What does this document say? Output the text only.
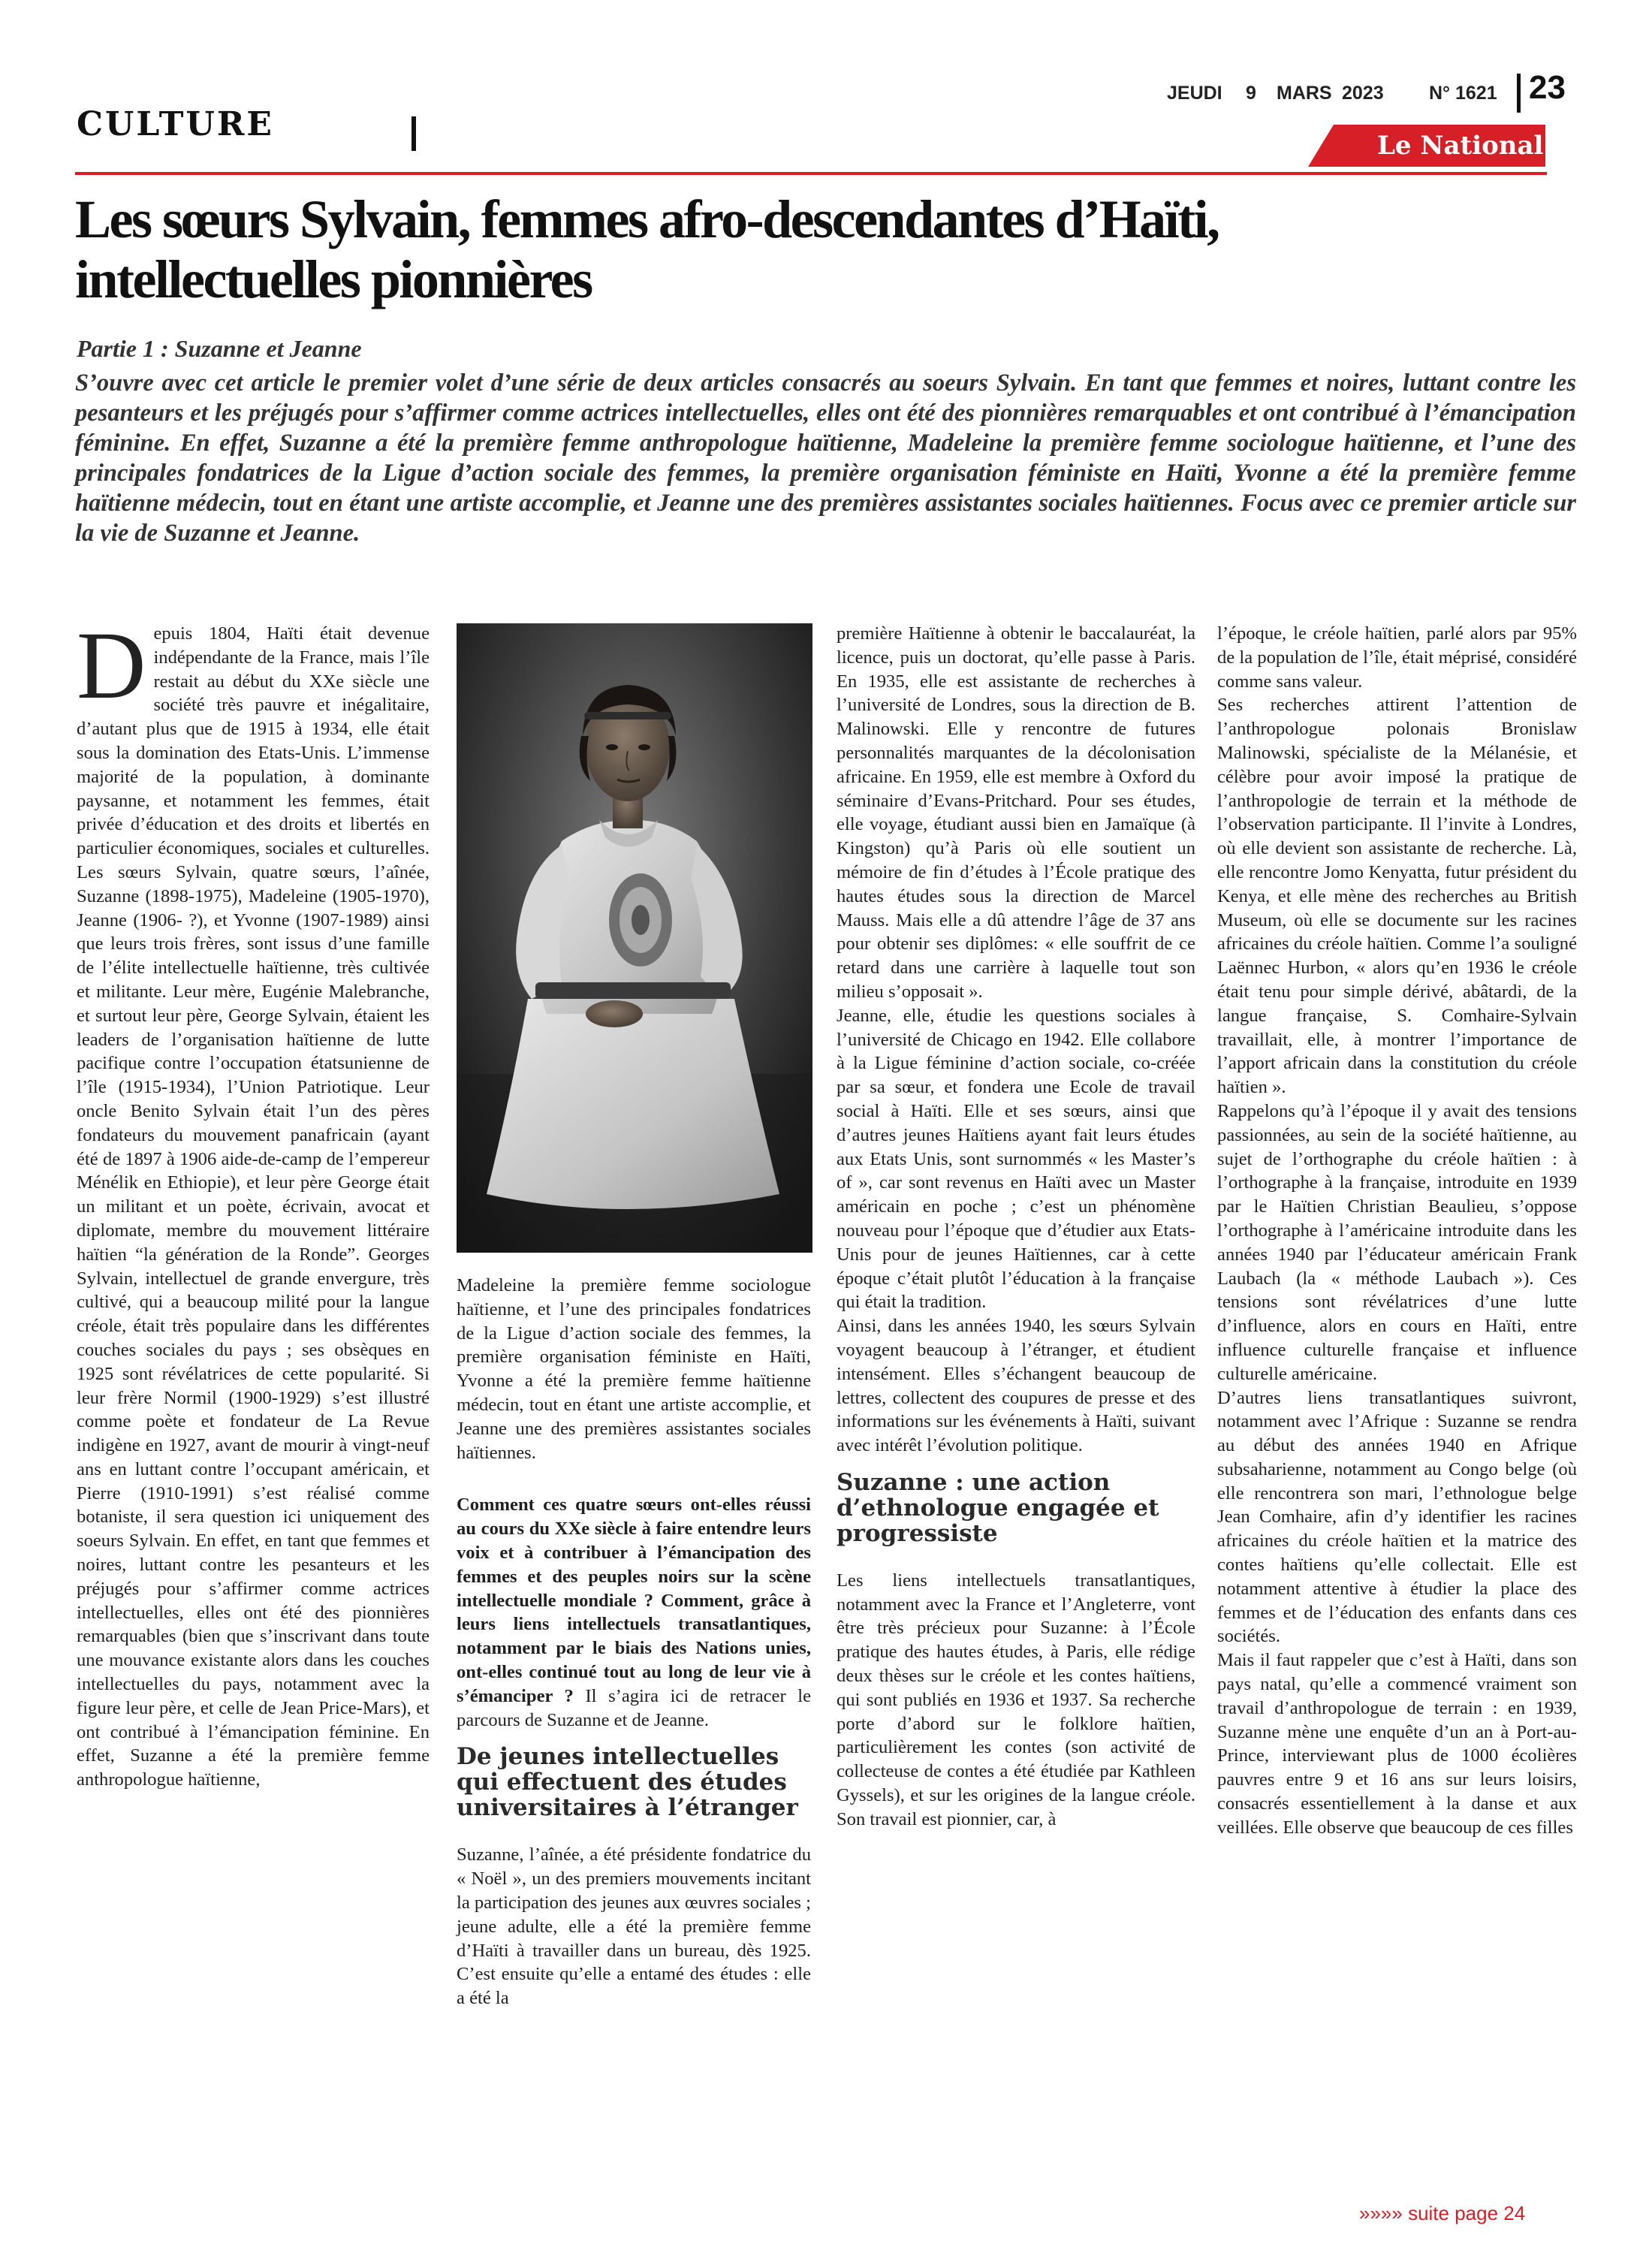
CULTURE
JEUDI 9 MARS 2023 N° 1621 23
Le National
Les sœurs Sylvain, femmes afro-descendantes d’Haïti,
intellectuelles pionnières
Partie 1 : Suzanne et Jeanne
S’ouvre avec cet article le premier volet d’une série de deux articles consacrés au soeurs Sylvain. En tant que femmes et noires, luttant contre les pesanteurs et les préjugés pour s’affirmer comme actrices intellectuelles, elles ont été des pionnières remarquables et ont contribué à l’émancipation féminine. En effet, Suzanne a été la première femme anthropologue haïtienne, Madeleine la première femme sociologue haïtienne, et l’une des principales fondatrices de la Ligue d’action sociale des femmes, la première organisation féministe en Haïti, Yvonne a été la première femme haïtienne médecin, tout en étant une artiste accomplie, et Jeanne une des premières assistantes sociales haïtiennes. Focus avec ce premier article sur la vie de Suzanne et Jeanne.
D epuis 1804, Haïti était devenue indépendante de la France, mais l’île restait au début du XXe siècle une société très pauvre et inégalitaire, d’autant plus que de 1915 à 1934, elle était sous la domination des Etats-Unis. L’immense majorité de la population, à dominante paysanne, et notamment les femmes, était privée d’éducation et des droits et libertés en particulier économiques, sociales et culturelles. Les sœurs Sylvain, quatre sœurs, l’aînée, Suzanne (1898-1975), Madeleine (1905-1970), Jeanne (1906- ?), et Yvonne (1907-1989) ainsi que leurs trois frères, sont issus d’une famille de l’élite intellectuelle haïtienne, très cultivée et militante. Leur mère, Eugénie Malebranche, et surtout leur père, George Sylvain, étaient les leaders de l’organisation haïtienne de lutte pacifique contre l’occupation étatsunienne de l’île (1915-1934), l’Union Patriotique. Leur oncle Benito Sylvain était l’un des pères fondateurs du mouvement panafricain (ayant été de 1897 à 1906 aide-de-camp de l’empereur Ménélik en Ethiopie), et leur père George était un militant et un poète, écrivain, avocat et diplomate, membre du mouvement littéraire haïtien “la génération de la Ronde”. Georges Sylvain, intellectuel de grande envergure, très cultivé, qui a beaucoup milité pour la langue créole, était très populaire dans les différentes couches sociales du pays ; ses obsèques en 1925 sont révélatrices de cette popularité. Si leur frère Normil (1900-1929) s’est illustré comme poète et fondateur de La Revue indigène en 1927, avant de mourir à vingt-neuf ans en luttant contre l’occupant américain, et Pierre (1910-1991) s’est réalisé comme botaniste, il sera question ici uniquement des soeurs Sylvain. En effet, en tant que femmes et noires, luttant contre les pesanteurs et les préjugés pour s’affirmer comme actrices intellectuelles, elles ont été des pionnières remarquables (bien que s’inscrivant dans toute une mouvance existante alors dans les couches intellectuelles du pays, notamment avec la figure leur père, et celle de Jean Price-Mars), et ont contribué à l’émancipation féminine. En effet, Suzanne a été la première femme anthropologue haïtienne,

Madeleine la première femme sociologue haïtienne, et l’une des principales fondatrices de la Ligue d’action sociale des femmes, la première organisation féministe en Haïti, Yvonne a été la première femme haïtienne médecin, tout en étant une artiste accomplie, et Jeanne une des premières assistantes sociales haïtiennes.

Comment ces quatre sœurs ont-elles réussi au cours du XXe siècle à faire entendre leurs voix et à contribuer à l’émancipation des femmes et des peuples noirs sur la scène intellectuelle mondiale ? Comment, grâce à leurs liens intellectuels transatlantiques, notamment par le biais des Nations unies, ont-elles continué tout au long de leur vie à s’émanciper ? Il s’agira ici de retracer le parcours de Suzanne et de Jeanne.

De jeunes intellectuelles qui effectuent des études universitaires à l’étranger

Suzanne, l’aînée, a été présidente fondatrice du « Noël », un des premiers mouvements incitant la participation des jeunes aux œuvres sociales ; jeune adulte, elle a été la première femme d’Haïti à travailler dans un bureau, dès 1925. C’est ensuite qu’elle a entamé des études : elle a été la

première Haïtienne à obtenir le baccalauréat, la licence, puis un doctorat, qu’elle passe à Paris. En 1935, elle est assistante de recherches à l’université de Londres, sous la direction de B. Malinowski. Elle y rencontre de futures personnalités marquantes de la décolonisation africaine. En 1959, elle est membre à Oxford du séminaire d’Evans-Pritchard. Pour ses études, elle voyage, étudiant aussi bien en Jamaïque (à Kingston) qu’à Paris où elle soutient un mémoire de fin d’études à l’École pratique des hautes études sous la direction de Marcel Mauss. Mais elle a dû attendre l’âge de 37 ans pour obtenir ses diplômes: « elle souffrit de ce retard dans une carrière à laquelle tout son milieu s’opposait ».

Jeanne, elle, étudie les questions sociales à l’université de Chicago en 1942. Elle collabore à la Ligue féminine d’action sociale, co-créée par sa sœur, et fondera une Ecole de travail social à Haïti. Elle et ses sœurs, ainsi que d’autres jeunes Haïtiens ayant fait leurs études aux Etats Unis, sont surnommés « les Master’s of », car sont revenus en Haïti avec un Master américain en poche ; c’est un phénomène nouveau pour l’époque que d’étudier aux Etats-Unis pour de jeunes Haïtiennes, car à cette époque c’était plutôt l’éducation à la française qui était la tradition.

Ainsi, dans les années 1940, les sœurs Sylvain voyagent beaucoup à l’étranger, et étudient intensément. Elles s’échangent beaucoup de lettres, collectent des coupures de presse et des informations sur les événements à Haïti, suivant avec intérêt l’évolution politique.

Suzanne : une action d’ethnologue engagée et progressiste

Les liens intellectuels transatlantiques, notamment avec la France et l’Angleterre, vont être très précieux pour Suzanne: à l’École pratique des hautes études, à Paris, elle rédige deux thèses sur le créole et les contes haïtiens, qui sont publiés en 1936 et 1937. Sa recherche porte d’abord sur le folklore haïtien, particulièrement les contes (son activité de collecteuse de contes a été étudiée par Kathleen Gyssels), et sur les origines de la langue créole. Son travail est pionnier, car, à

l’époque, le créole haïtien, parlé alors par 95% de la population de l’île, était méprisé, considéré comme sans valeur.

Ses recherches attirent l’attention de l’anthropologue polonais Bronislaw Malinowski, spécialiste de la Mélanésie, et célèbre pour avoir imposé la pratique de l’anthropologie de terrain et la méthode de l’observation participante. Il l’invite à Londres, où elle devient son assistante de recherche. Là, elle rencontre Jomo Kenyatta, futur président du Kenya, et elle mène des recherches au British Museum, où elle se documente sur les racines africaines du créole haïtien. Comme l’a souligné Laënnec Hurbon, « alors qu’en 1936 le créole était tenu pour simple dérivé, abâtardi, de la langue française, S. Comhaire-Sylvain travaillait, elle, à montrer l’importance de l’apport africain dans la constitution du créole haïtien ».

Rappelons qu’à l’époque il y avait des tensions passionnées, au sein de la société haïtienne, au sujet de l’orthographe du créole haïtien : à l’orthographe à la française, introduite en 1939 par le Haïtien Christian Beaulieu, s’oppose l’orthographe à l’américaine introduite dans les années 1940 par l’éducateur américain Frank Laubach (la « méthode Laubach »). Ces tensions sont révélatrices d’une lutte d’influence, alors en cours en Haïti, entre influence culturelle française et influence culturelle américaine.

D’autres liens transatlantiques suivront, notamment avec l’Afrique : Suzanne se rendra au début des années 1940 en Afrique subsaharienne, notamment au Congo belge (où elle rencontrera son mari, l’ethnologue belge Jean Comhaire, afin d’y identifier les racines africaines du créole haïtien et la matrice des contes haïtiens qu’elle collectait. Elle est notamment attentive à étudier la place des femmes et de l’éducation des enfants dans ces sociétés.

Mais il faut rappeler que c’est à Haïti, dans son pays natal, qu’elle a commencé vraiment son travail d’anthropologue de terrain : en 1939, Suzanne mène une enquête d’un an à Port-au-Prince, interviewant plus de 1000 écolières pauvres entre 9 et 16 ans sur leurs loisirs, consacrés essentiellement à la danse et aux veillées. Elle observe que beaucoup de ces filles

»»»» suite page 24
